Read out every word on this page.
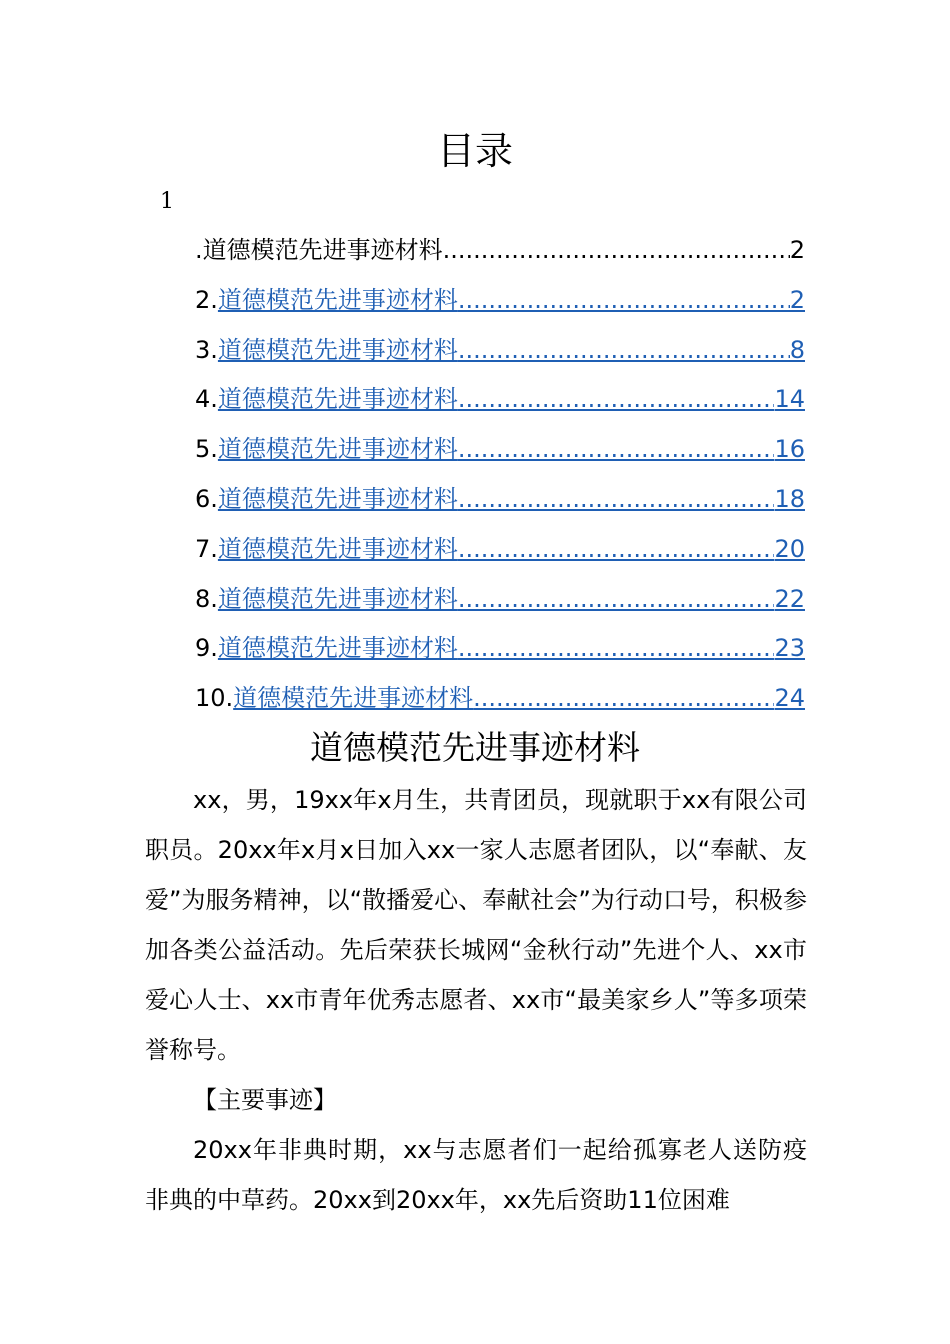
目录
1
.道德模范先进事迹材料 .....	2
2. 道德模范先进事迹材料 .....	2
3. 道德模范先进事迹材料 .....	8
4. 道德模范先进事迹材料 .....	14
5. 道德模范先进事迹材料 .....	16
6. 道德模范先进事迹材料 .....	18
7. 道德模范先进事迹材料 .....	20
8. 道德模范先进事迹材料 .....	22
9. 道德模范先进事迹材料 .....	23
10. 道德模范先进事迹材料 .....	24
道德模范先进事迹材料

xx，男，19xx年x月生，共青团员，现就职于xx有限公司职员。20xx年x月x日加入xx一家人志愿者团队，以“奉献、友爱”为服务精神，以“散播爱心、奉献社会”为行动口号，积极参加各类公益活动。先后荣获长城网“金秋行动”先进个人、xx市爱心人士、xx市青年优秀志愿者、xx市“最美家乡人”等多项荣誉称号。

【主要事迹】

20xx年非典时期，xx与志愿者们一起给孤寡老人送防疫非典的中草药。20xx到20xx年，xx先后资助11位困难
